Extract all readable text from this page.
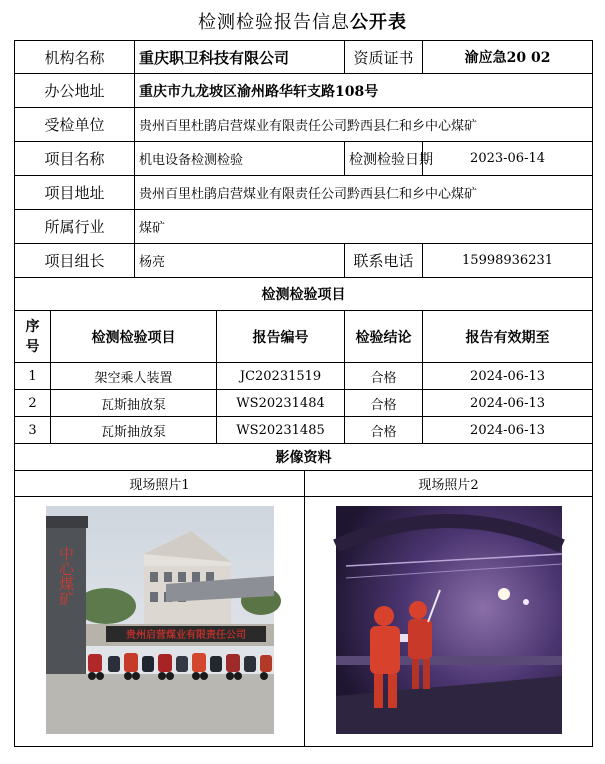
检测检验报告信息公开表
机构名称		重庆职卫科技有限公司			资质证书	渝应急20 02
办公地址		重庆市九龙坡区渝州路华轩支路108号				
受检单位		贵州百里杜鹃启营煤业有限责任公司黔西县仁和乡中心煤矿				
项目名称		机电设备检测检验			检测检验日期	2023-06-14
项目地址		贵州百里杜鹃启营煤业有限责任公司黔西县仁和乡中心煤矿				
所属行业		煤矿				
项目组长		杨亮			联系电话	15998936231
检测检验项目						
序号	检测检验项目		报告编号		检验结论	报告有效期至
1	架空乘人装置		JC20231519		合格	2024-06-13
2	瓦斯抽放泵		WS20231484		合格	2024-06-13
3	瓦斯抽放泵		WS20231485		合格	2024-06-13
影像资料						
现场照片1				现场照片2		

中心煤矿
贵州启营煤业有限责任公司
